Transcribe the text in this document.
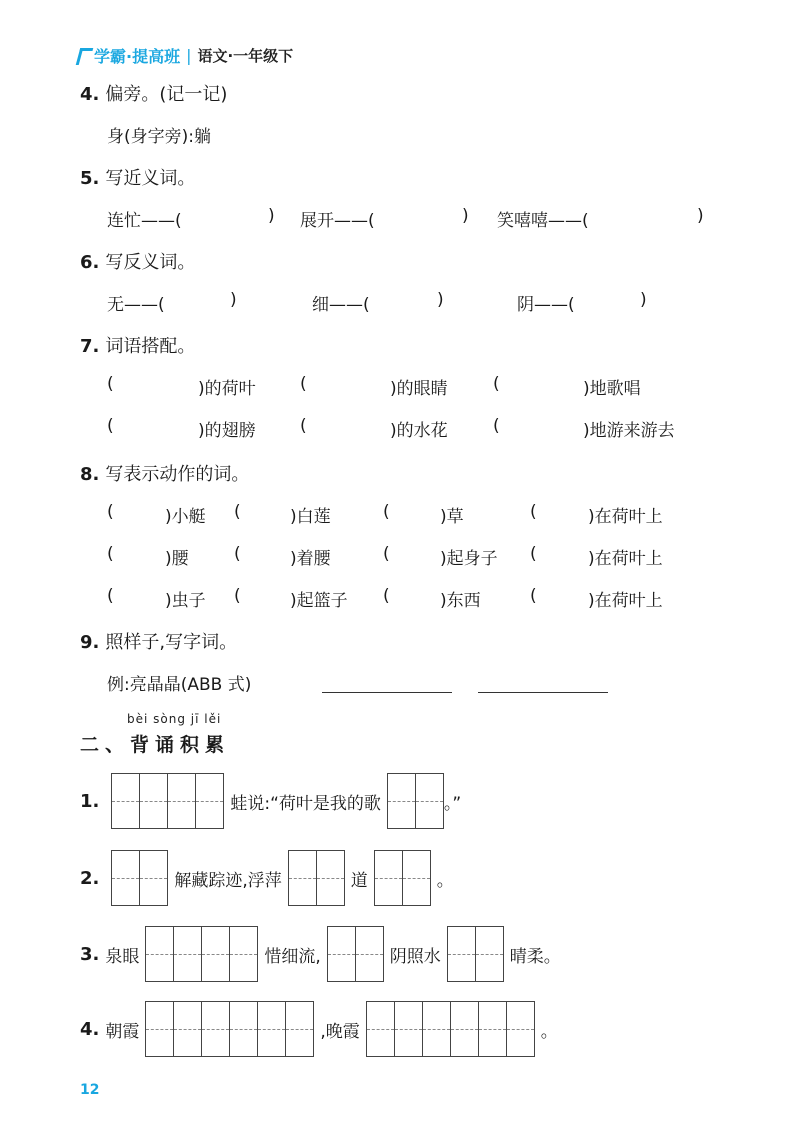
学霸·提高班 | 语文·一年级下
4. 偏旁。(记一记)
身(身字旁):躺
5. 写近义词。
连忙——(	) 展开——(	) 笑嘻嘻——(	)
6. 写反义词。
无——(	)	细——(	)	阴——(	)
7. 词语搭配。
(	)的荷叶	(	)的眼睛	(	)地歌唱
(	)的翅膀	(	)的水花	(	)地游来游去
8. 写表示动作的词。
(	)小艇 (	)白莲	(	)草	(	)在荷叶上
(	)腰	(	)着腰	(	)起身子 (	)在荷叶上
(	)虫子 (	)起篮子 (	)东西	(	)在荷叶上
9. 照样子,写字词。
例:亮晶晶(ABB 式)
bèi sòng jī lěi
二、背诵积累
1.	蛙说:“荷叶是我的歌	。”
2.	解藏踪迹,浮萍	道	。
3. 泉眼	惜细流,	阴照水	晴柔。
4. 朝霞	,晚霞	。
12
